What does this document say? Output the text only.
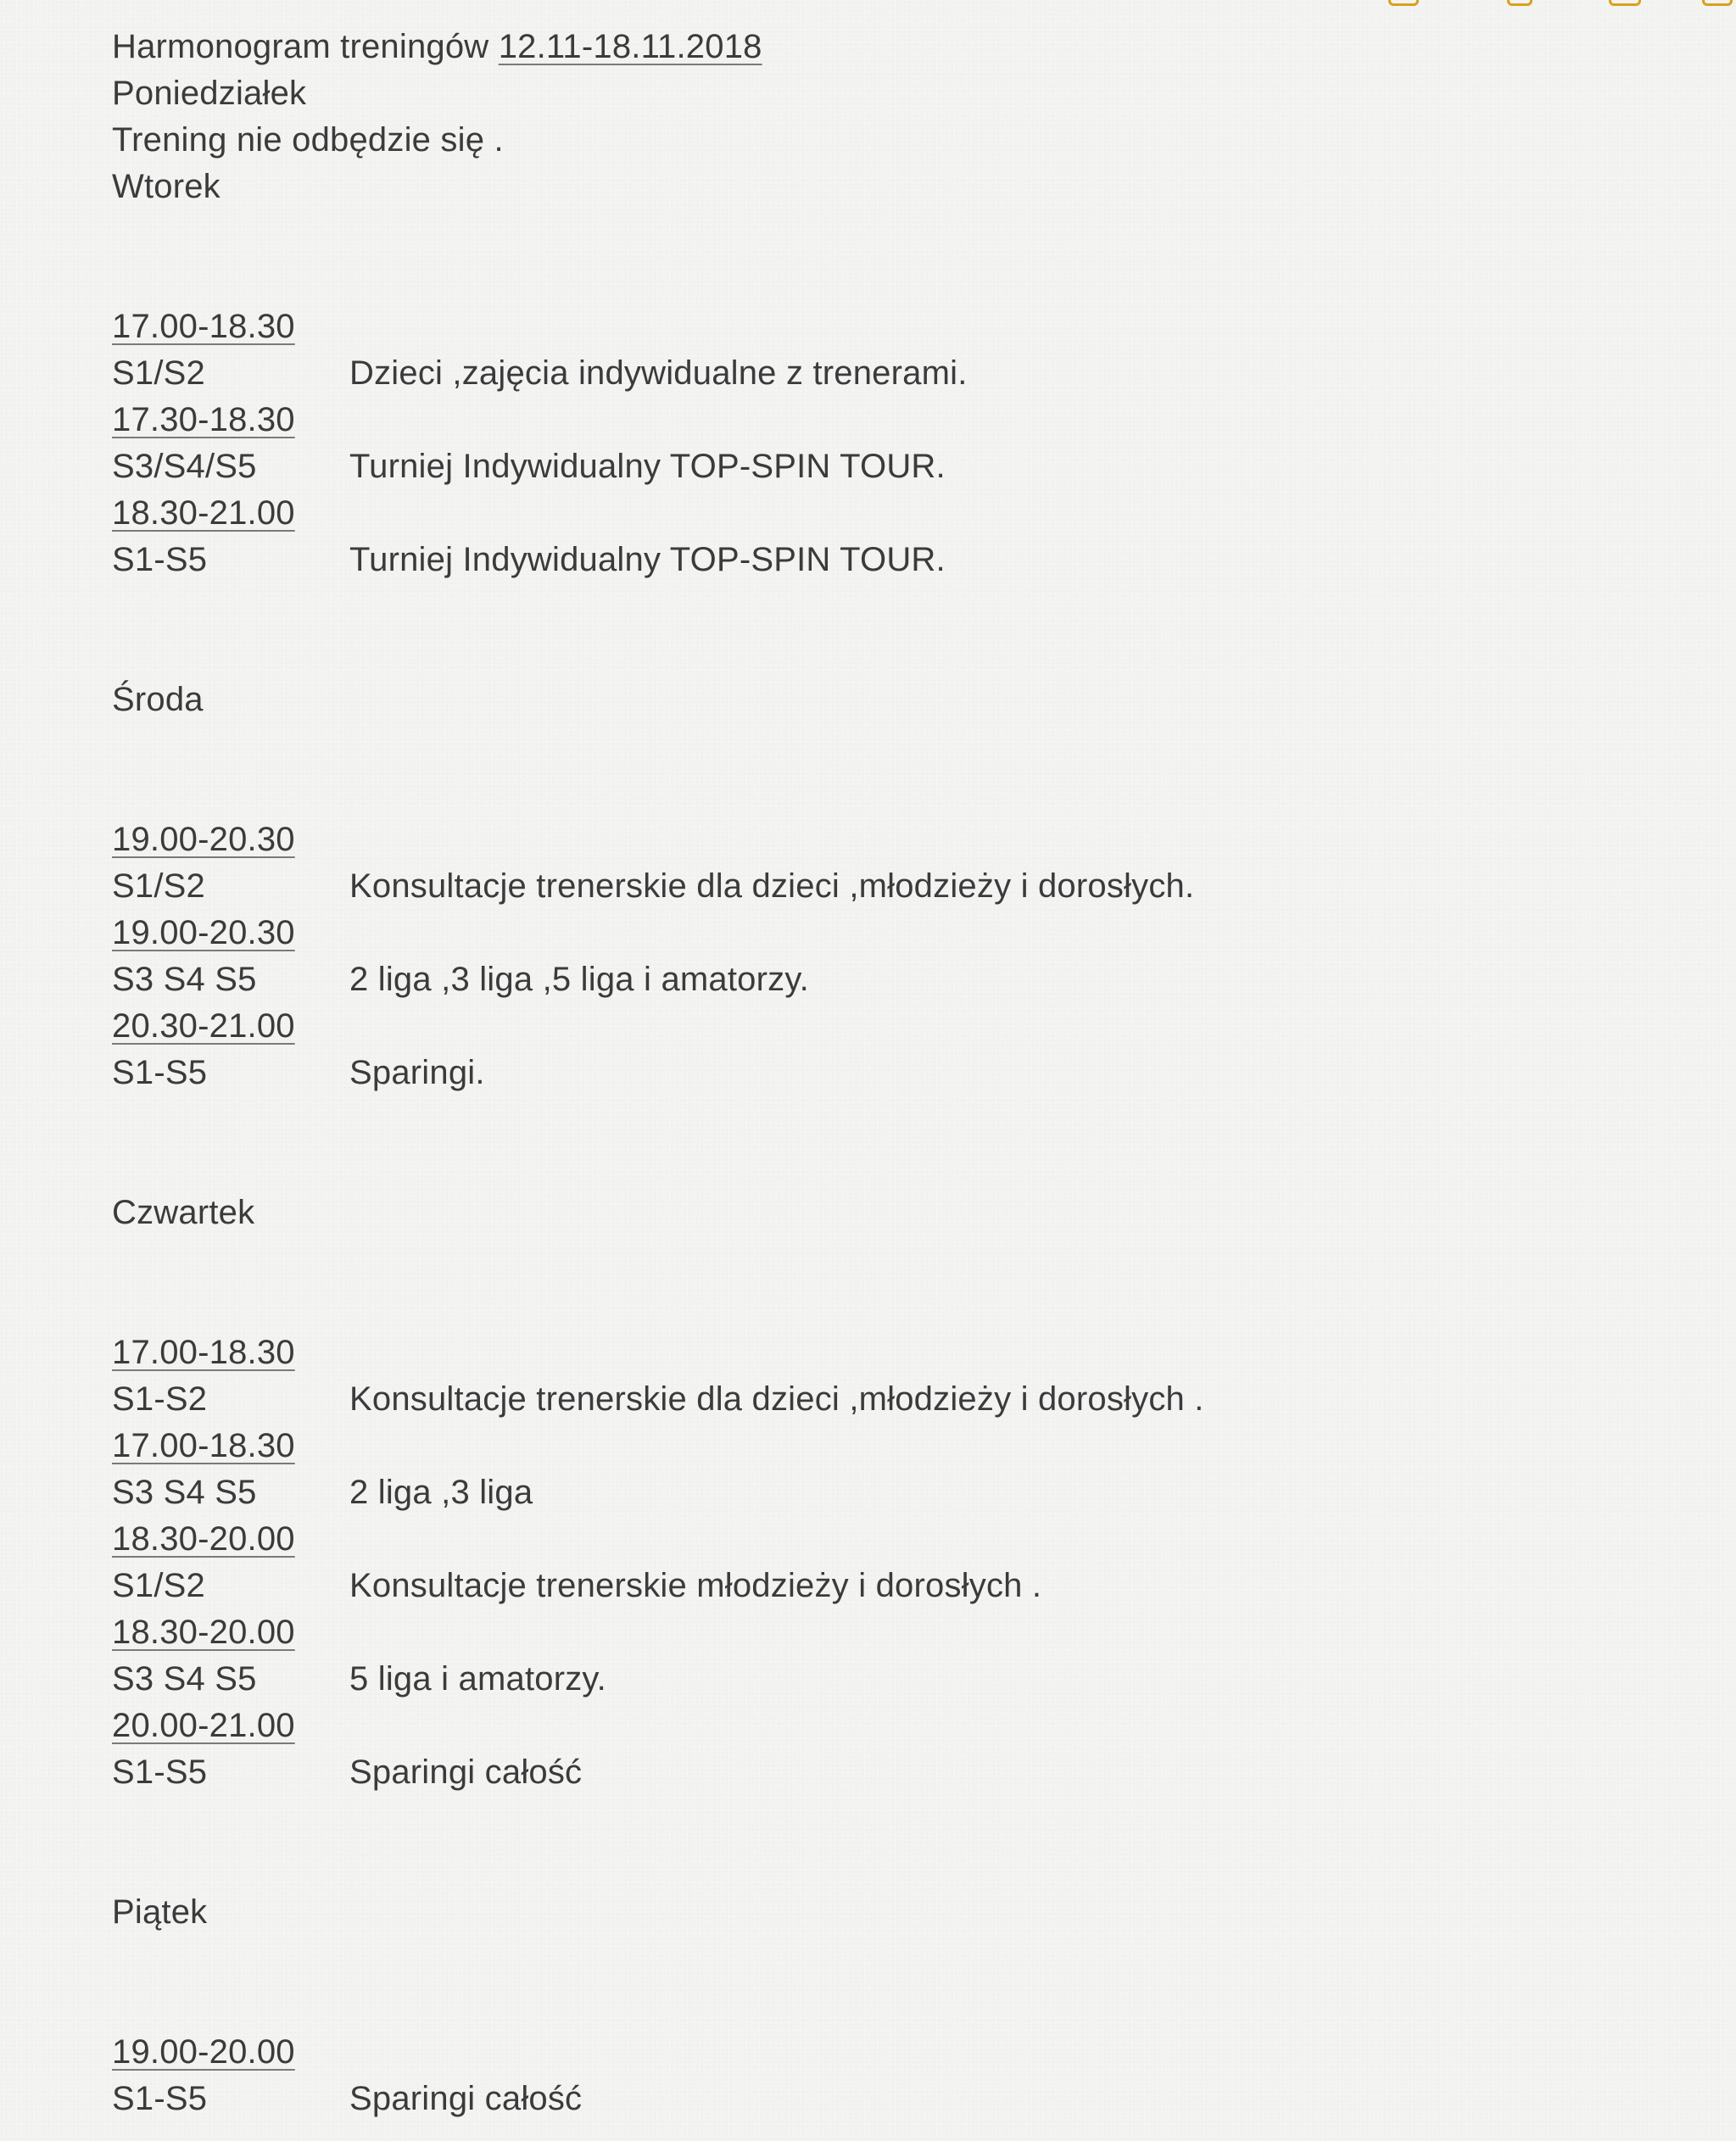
Harmonogram treningów 12.11-18.11.2018
Poniedziałek
Trening nie odbędzie się .
Wtorek
17.00-18.30
S1/S2	Dzieci ,zajęcia indywidualne z trenerami.
17.30-18.30
S3/S4/S5	Turniej Indywidualny TOP-SPIN TOUR.
18.30-21.00
S1-S5	Turniej Indywidualny TOP-SPIN TOUR.
Środa
19.00-20.30
S1/S2	Konsultacje trenerskie dla dzieci ,młodzieży i dorosłych.
19.00-20.30
S3 S4 S5	2 liga ,3 liga ,5 liga i amatorzy.
20.30-21.00
S1-S5	Sparingi.
Czwartek
17.00-18.30
S1-S2	Konsultacje trenerskie dla dzieci ,młodzieży i dorosłych .
17.00-18.30
S3 S4 S5	2 liga ,3 liga
18.30-20.00
S1/S2	Konsultacje trenerskie młodzieży i dorosłych .
18.30-20.00
S3 S4 S5	5 liga i amatorzy.
20.00-21.00
S1-S5	Sparingi całość
Piątek
19.00-20.00
S1-S5	Sparingi całość
